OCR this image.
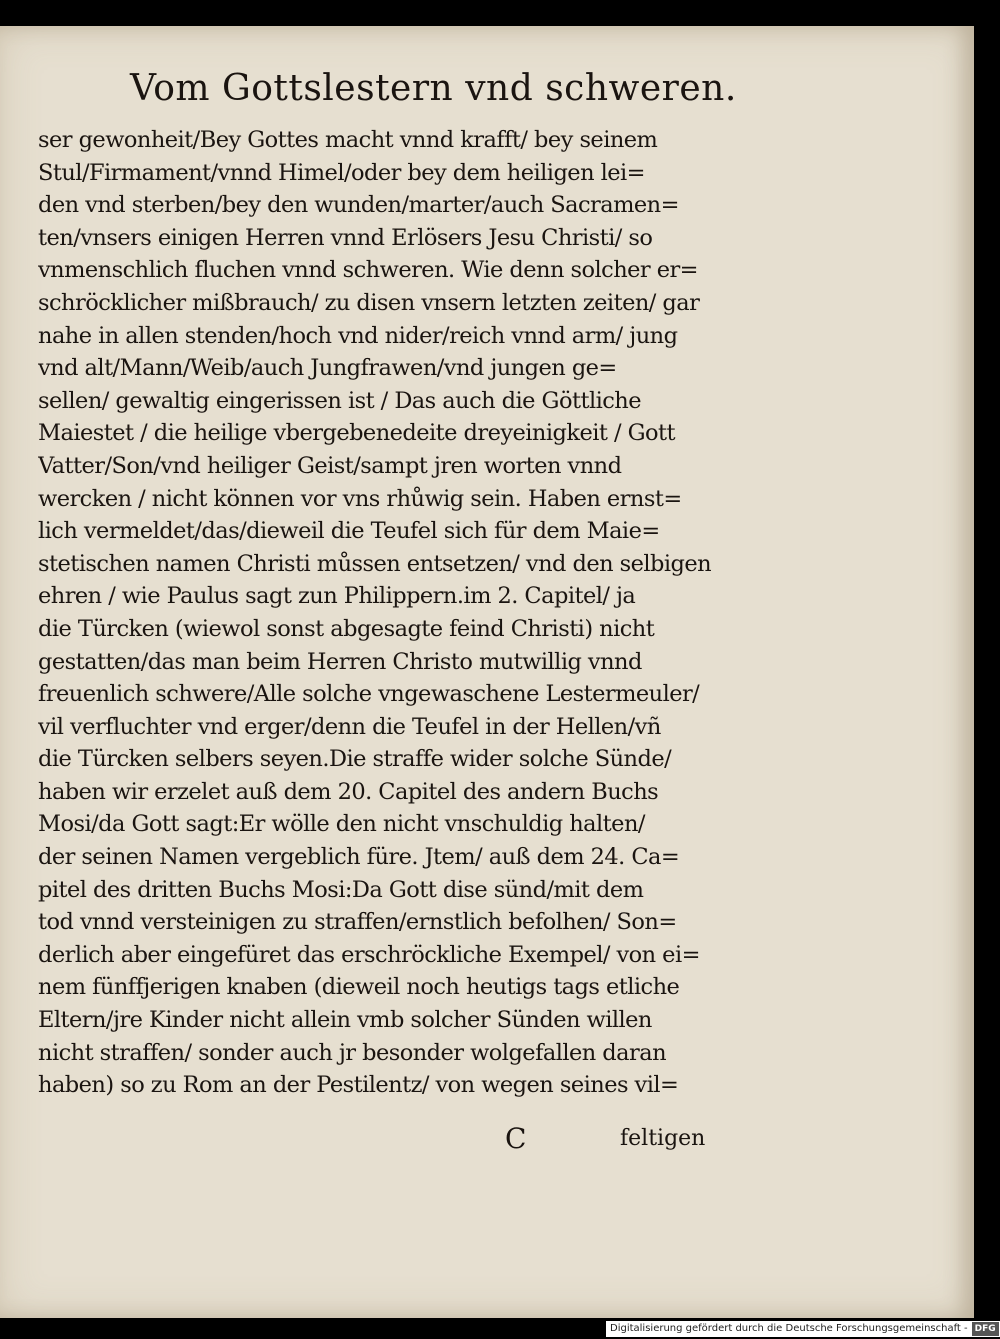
Vom Gottslestern vnd schweren.
ser gewonheit/Bey Gottes macht vnnd krafft/ bey seinem
Stul/Firmament/vnnd Himel/oder bey dem heiligen lei=
den vnd sterben/bey den wunden/marter/auch Sacramen=
ten/vnsers einigen Herren vnnd Erlösers Jesu Christi/ so
vnmenschlich fluchen vnnd schweren. Wie denn solcher er=
schröcklicher mißbrauch/ zu disen vnsern letzten zeiten/ gar
nahe in allen stenden/hoch vnd nider/reich vnnd arm/ jung
vnd alt/Mann/Weib/auch Jungfrawen/vnd jungen ge=
sellen/ gewaltig eingerissen ist / Das auch die Göttliche
Maiestet / die heilige vbergebenedeite dreyeinigkeit / Gott
Vatter/Son/vnd heiliger Geist/sampt jren worten vnnd
wercken / nicht können vor vns rhůwig sein. Haben ernst=
lich vermeldet/das/dieweil die Teufel sich für dem Maie=
stetischen namen Christi můssen entsetzen/ vnd den selbigen
ehren / wie Paulus sagt zun Philippern.im 2. Capitel/ ja
die Türcken (wiewol sonst abgesagte feind Christi) nicht
gestatten/das man beim Herren Christo mutwillig vnnd
freuenlich schwere/Alle solche vngewaschene Lestermeuler/
vil verfluchter vnd erger/denn die Teufel in der Hellen/vñ
die Türcken selbers seyen.Die straffe wider solche Sünde/
haben wir erzelet auß dem 20. Capitel des andern Buchs
Mosi/da Gott sagt:Er wölle den nicht vnschuldig halten/
der seinen Namen vergeblich füre. Jtem/ auß dem 24. Ca=
pitel des dritten Buchs Mosi:Da Gott dise sünd/mit dem
tod vnnd versteinigen zu straffen/ernstlich befolhen/ Son=
derlich aber eingefüret das erschröckliche Exempel/ von ei=
nem fünffjerigen knaben (dieweil noch heutigs tags etliche
Eltern/jre Kinder nicht allein vmb solcher Sünden willen
nicht straffen/ sonder auch jr besonder wolgefallen daran
haben) so zu Rom an der Pestilentz/ von wegen seines vil=
C	feltigen
Digitalisierung gefördert durch die Deutsche Forschungsgemeinschaft - DFG
